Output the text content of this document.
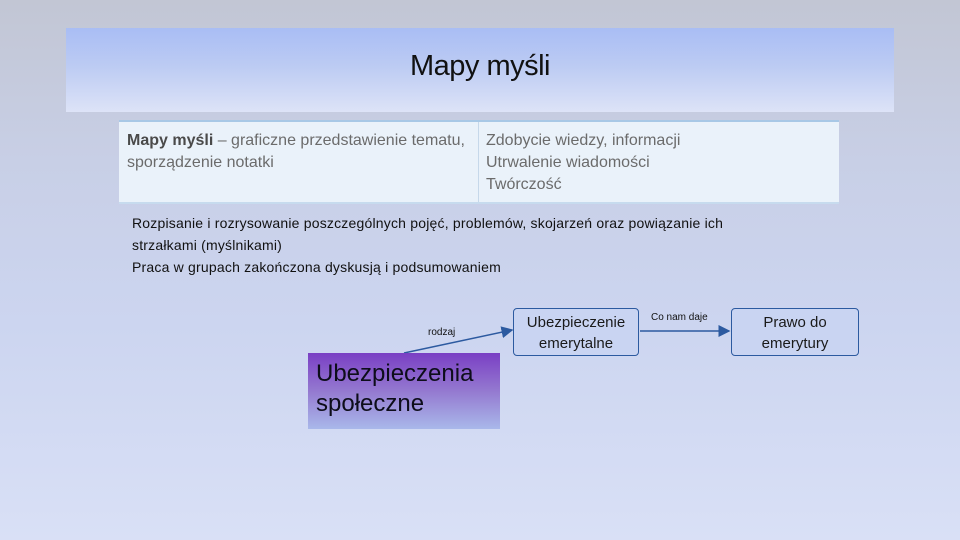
Mapy myśli
Mapy myśli – graficzne przedstawienie tematu,
sporządzenie notatki
Zdobycie wiedzy, informacji
Utrwalenie wiadomości
Twórczość
Rozpisanie i rozrysowanie poszczególnych pojęć, problemów, skojarzeń oraz powiązanie ich
strzałkami (myślnikami)
Praca w grupach zakończona dyskusją i podsumowaniem
rodzaj
Co nam daje
Ubezpieczenia społeczne
Ubezpieczenie emerytalne
Prawo do emerytury
